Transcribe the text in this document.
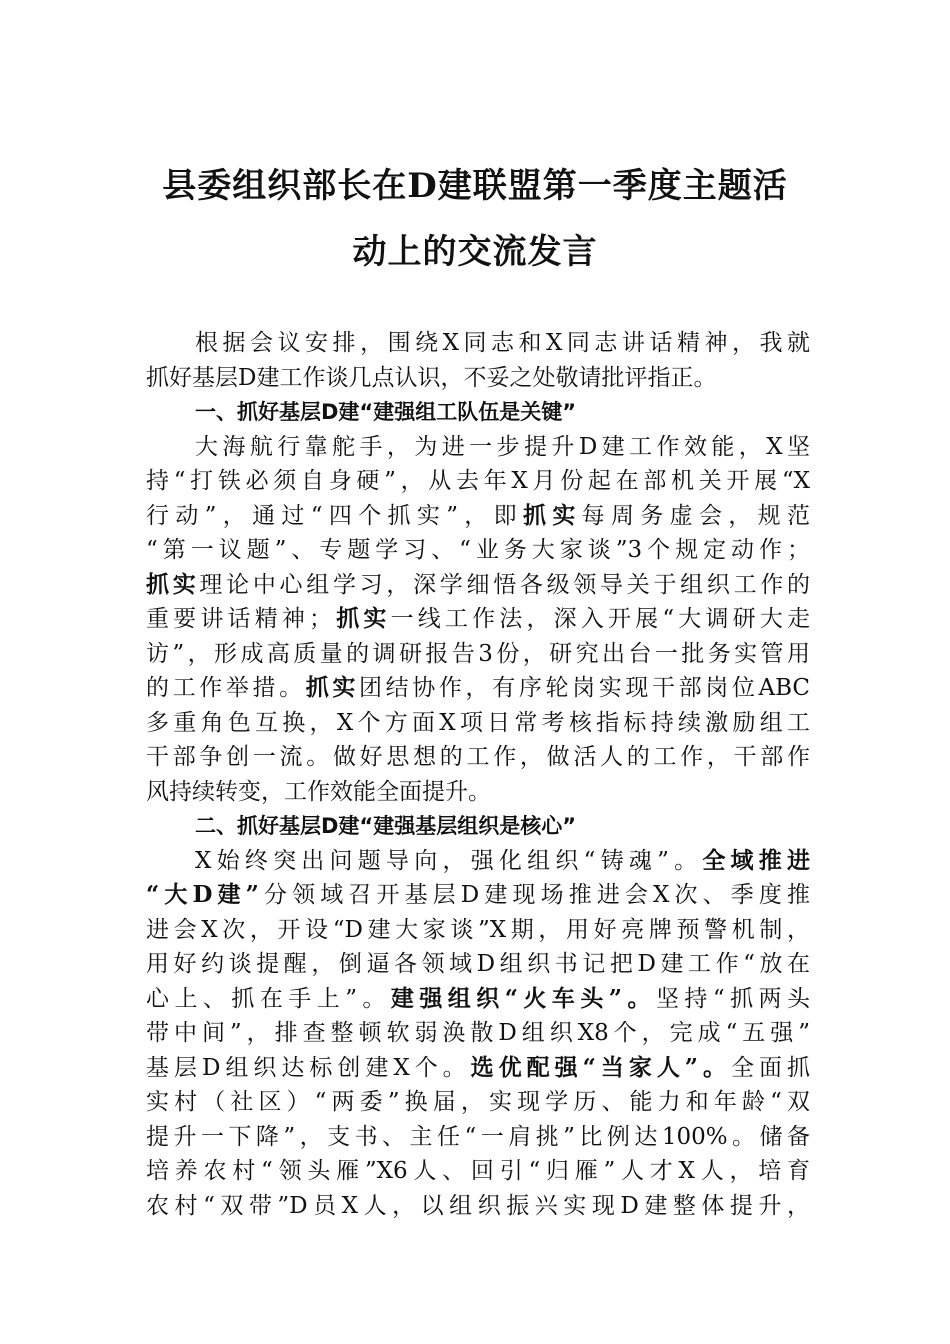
县委组织部长在D建联盟第一季度主题活
动上的交流发言
根据会议安排，围绕X同志和X同志讲话精神，我就
抓好基层D建工作谈几点认识，不妥之处敬请批评指正。
一、抓好基层D建“建强组工队伍是关键”
大海航行靠舵手，为进一步提升D建工作效能，X坚
持“打铁必须自身硬”，从去年X月份起在部机关开展“X
行动”，通过“四个抓实”，即抓实每周务虚会，规范
“第一议题”、专题学习、“业务大家谈”3个规定动作；
抓实理论中心组学习，深学细悟各级领导关于组织工作的
重要讲话精神；抓实一线工作法，深入开展“大调研大走
访”，形成高质量的调研报告3份，研究出台一批务实管用
的工作举措。抓实团结协作，有序轮岗实现干部岗位ABC
多重角色互换，X个方面X项日常考核指标持续激励组工
干部争创一流。做好思想的工作，做活人的工作，干部作
风持续转变，工作效能全面提升。
二、抓好基层D建“建强基层组织是核心”
X始终突出问题导向，强化组织“铸魂”。全域推进
“大D建”分领域召开基层D建现场推进会X次、季度推
进会X次，开设“D建大家谈”X期，用好亮牌预警机制，
用好约谈提醒，倒逼各领域D组织书记把D建工作“放在
心上、抓在手上”。建强组织“火车头”。坚持“抓两头
带中间”，排查整顿软弱涣散D组织X8个，完成“五强”
基层D组织达标创建X个。选优配强“当家人”。全面抓
实村（社区）“两委”换届，实现学历、能力和年龄“双
提升一下降”，支书、主任“一肩挑”比例达100%。储备
培养农村“领头雁”X6人、回引“归雁”人才X人，培育
农村“双带”D员X人，以组织振兴实现D建整体提升，
